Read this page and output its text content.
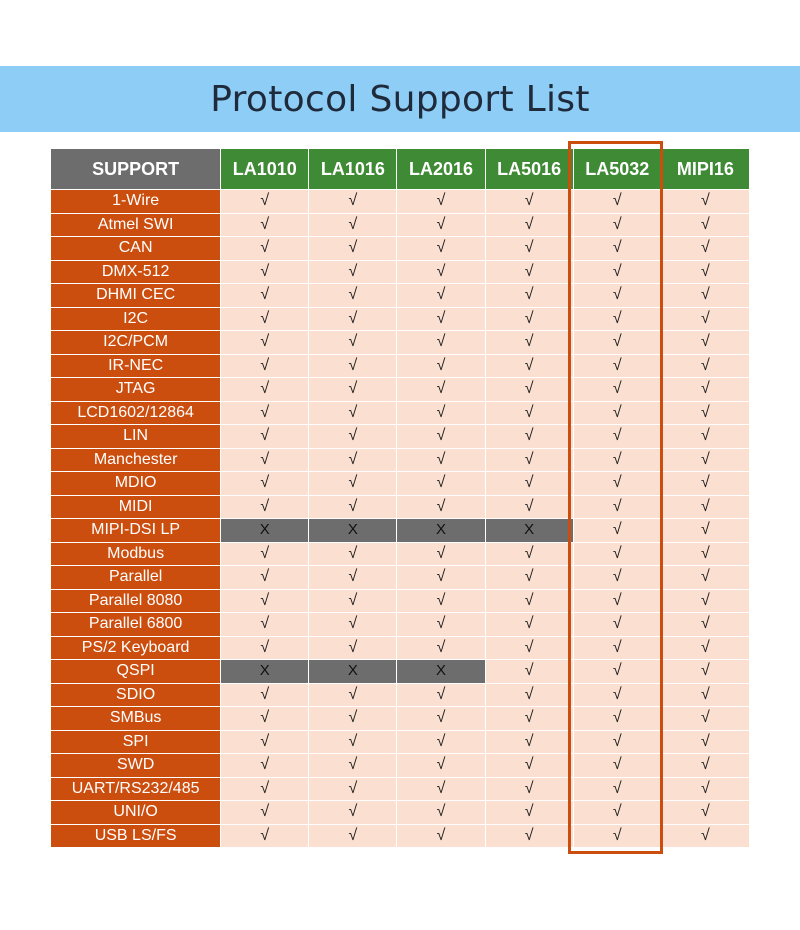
Protocol Support List
SUPPORT	LA1010	LA1016	LA2016	LA5016	LA5032	MIPI16
1-Wire	√	√	√	√	√	√
Atmel SWI	√	√	√	√	√	√
CAN	√	√	√	√	√	√
DMX-512	√	√	√	√	√	√
DHMI CEC	√	√	√	√	√	√
I2C	√	√	√	√	√	√
I2C/PCM	√	√	√	√	√	√
IR-NEC	√	√	√	√	√	√
JTAG	√	√	√	√	√	√
LCD1602/12864	√	√	√	√	√	√
LIN	√	√	√	√	√	√
Manchester	√	√	√	√	√	√
MDIO	√	√	√	√	√	√
MIDI	√	√	√	√	√	√
MIPI-DSI LP	X	X	X	X	√	√
Modbus	√	√	√	√	√	√
Parallel	√	√	√	√	√	√
Parallel 8080	√	√	√	√	√	√
Parallel 6800	√	√	√	√	√	√
PS/2 Keyboard	√	√	√	√	√	√
QSPI	X	X	X	√	√	√
SDIO	√	√	√	√	√	√
SMBus	√	√	√	√	√	√
SPI	√	√	√	√	√	√
SWD	√	√	√	√	√	√
UART/RS232/485	√	√	√	√	√	√
UNI/O	√	√	√	√	√	√
USB LS/FS	√	√	√	√	√	√
